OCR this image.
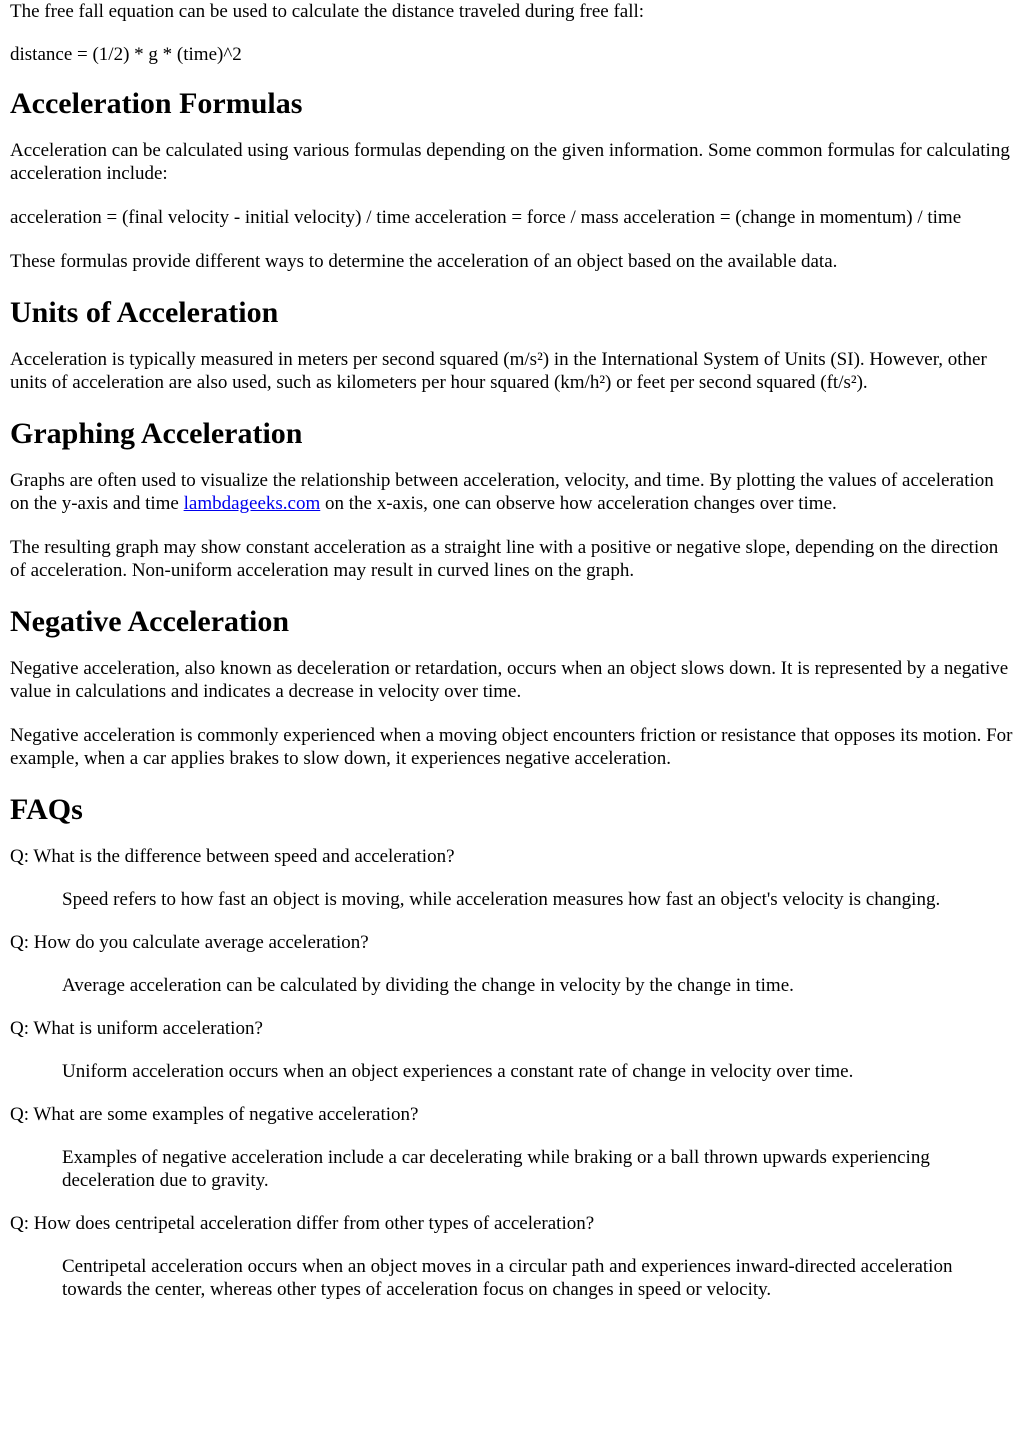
The free fall equation can be used to calculate the distance traveled during free fall:

distance = (1/2) * g * (time)^2

Acceleration Formulas

Acceleration can be calculated using various formulas depending on the given information. Some common formulas for calculating acceleration include:

acceleration = (final velocity - initial velocity) / time acceleration = force / mass acceleration = (change in momentum) / time

These formulas provide different ways to determine the acceleration of an object based on the available data.

Units of Acceleration

Acceleration is typically measured in meters per second squared (m/s²) in the International System of Units (SI). However, other units of acceleration are also used, such as kilometers per hour squared (km/h²) or feet per second squared (ft/s²).

Graphing Acceleration

Graphs are often used to visualize the relationship between acceleration, velocity, and time. By plotting the values of acceleration on the y-axis and time lambdageeks.com on the x-axis, one can observe how acceleration changes over time.

The resulting graph may show constant acceleration as a straight line with a positive or negative slope, depending on the direction of acceleration. Non-uniform acceleration may result in curved lines on the graph.

Negative Acceleration

Negative acceleration, also known as deceleration or retardation, occurs when an object slows down. It is represented by a negative value in calculations and indicates a decrease in velocity over time.

Negative acceleration is commonly experienced when a moving object encounters friction or resistance that opposes its motion. For example, when a car applies brakes to slow down, it experiences negative acceleration.

FAQs

Q: What is the difference between speed and acceleration?

Speed refers to how fast an object is moving, while acceleration measures how fast an object's velocity is changing.

Q: How do you calculate average acceleration?

Average acceleration can be calculated by dividing the change in velocity by the change in time.

Q: What is uniform acceleration?

Uniform acceleration occurs when an object experiences a constant rate of change in velocity over time.

Q: What are some examples of negative acceleration?

Examples of negative acceleration include a car decelerating while braking or a ball thrown upwards experiencing deceleration due to gravity.

Q: How does centripetal acceleration differ from other types of acceleration?

Centripetal acceleration occurs when an object moves in a circular path and experiences inward-directed acceleration towards the center, whereas other types of acceleration focus on changes in speed or velocity.
